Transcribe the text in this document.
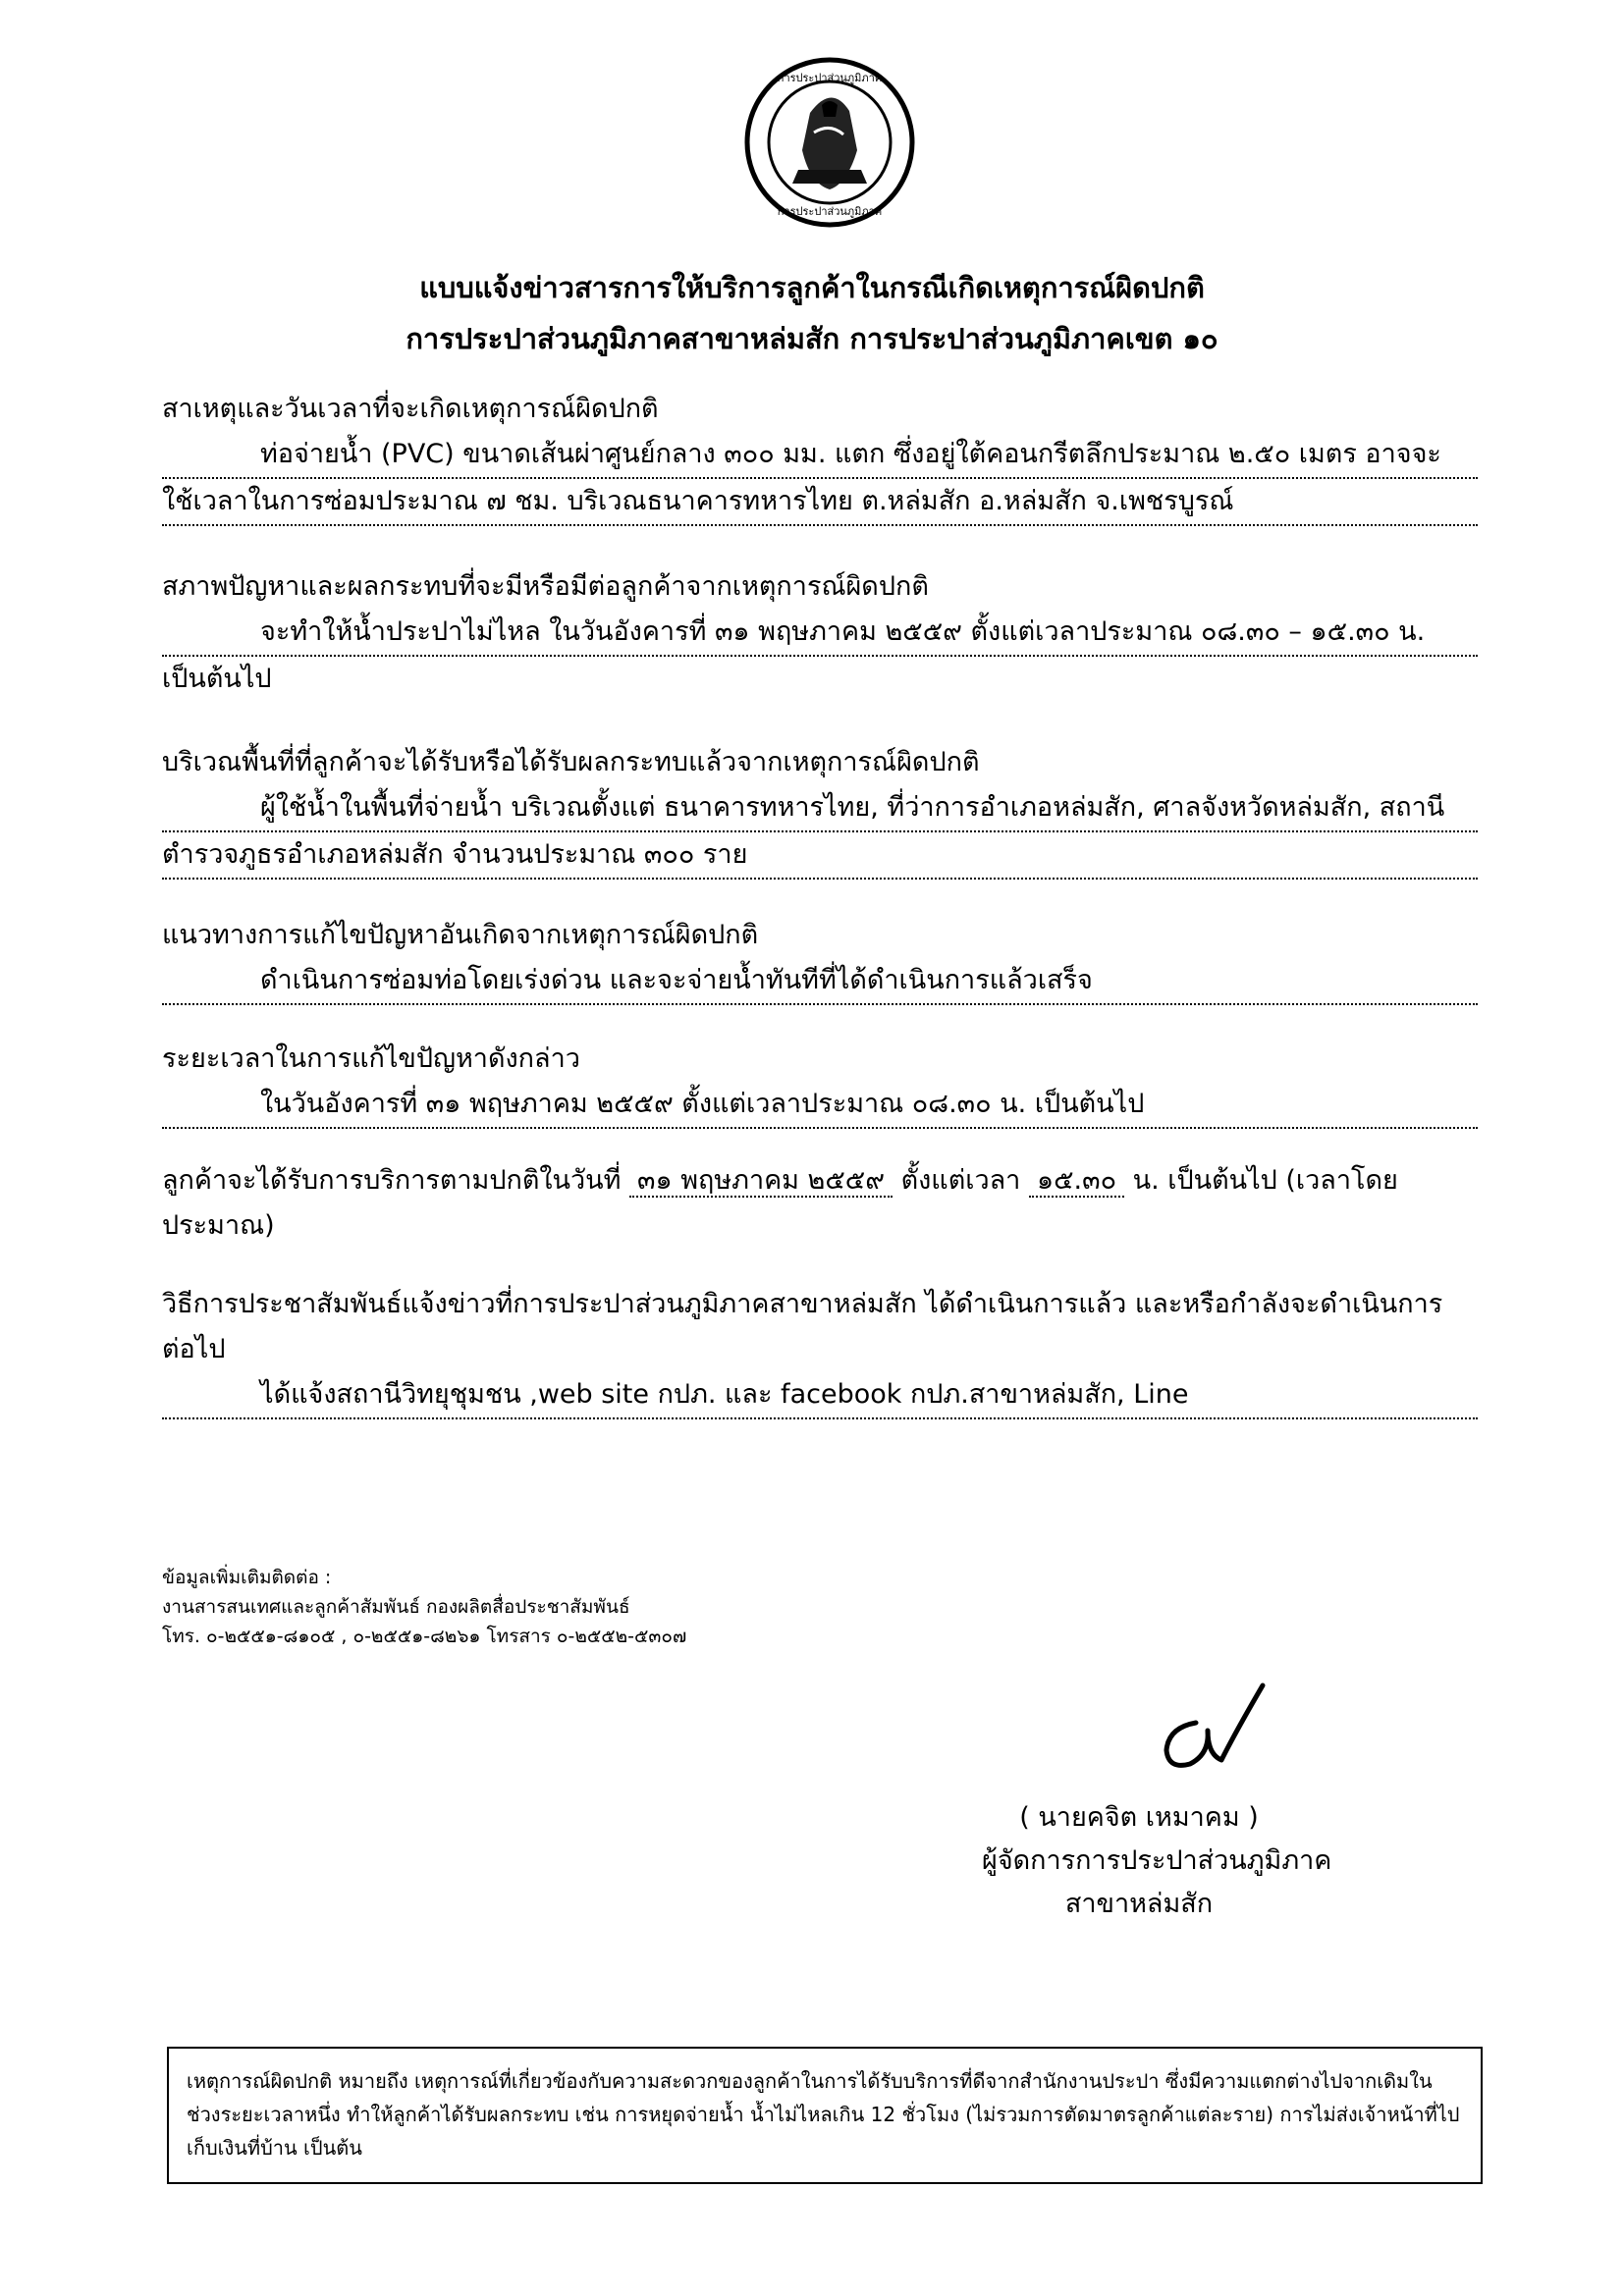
การประปาส่วนภูมิภาค
การประปาส่วนภูมิภาค
แบบแจ้งข่าวสารการให้บริการลูกค้าในกรณีเกิดเหตุการณ์ผิดปกติ
การประปาส่วนภูมิภาคสาขาหล่มสัก การประปาส่วนภูมิภาคเขต ๑๐
สาเหตุและวันเวลาที่จะเกิดเหตุการณ์ผิดปกติ
ท่อจ่ายน้ำ (PVC) ขนาดเส้นผ่าศูนย์กลาง ๓๐๐ มม. แตก ซึ่งอยู่ใต้คอนกรีตลึกประมาณ ๒.๕๐ เมตร อาจจะ
ใช้เวลาในการซ่อมประมาณ ๗ ชม. บริเวณธนาคารทหารไทย ต.หล่มสัก อ.หล่มสัก จ.เพชรบูรณ์
สภาพปัญหาและผลกระทบที่จะมีหรือมีต่อลูกค้าจากเหตุการณ์ผิดปกติ
จะทำให้น้ำประปาไม่ไหล ในวันอังคารที่ ๓๑ พฤษภาคม ๒๕๕๙ ตั้งแต่เวลาประมาณ ๐๘.๓๐ – ๑๕.๓๐ น.
เป็นต้นไป
บริเวณพื้นที่ที่ลูกค้าจะได้รับหรือได้รับผลกระทบแล้วจากเหตุการณ์ผิดปกติ
ผู้ใช้น้ำในพื้นที่จ่ายน้ำ บริเวณตั้งแต่ ธนาคารทหารไทย, ที่ว่าการอำเภอหล่มสัก, ศาลจังหวัดหล่มสัก, สถานี
ตำรวจภูธรอำเภอหล่มสัก จำนวนประมาณ ๓๐๐ ราย
แนวทางการแก้ไขปัญหาอันเกิดจากเหตุการณ์ผิดปกติ
ดำเนินการซ่อมท่อโดยเร่งด่วน และจะจ่ายน้ำทันทีที่ได้ดำเนินการแล้วเสร็จ
ระยะเวลาในการแก้ไขปัญหาดังกล่าว
ในวันอังคารที่ ๓๑ พฤษภาคม ๒๕๕๙ ตั้งแต่เวลาประมาณ ๐๘.๓๐ น. เป็นต้นไป
ลูกค้าจะได้รับการบริการตามปกติในวันที่ ๓๑ พฤษภาคม ๒๕๕๙ ตั้งแต่เวลา ๑๕.๓๐ น. เป็นต้นไป (เวลาโดย
ประมาณ)
วิธีการประชาสัมพันธ์แจ้งข่าวที่การประปาส่วนภูมิภาคสาขาหล่มสัก ได้ดำเนินการแล้ว และหรือกำลังจะดำเนินการ
ต่อไป
ได้แจ้งสถานีวิทยุชุมชน ,web site กปภ. และ facebook กปภ.สาขาหล่มสัก, Line
ข้อมูลเพิ่มเติมติดต่อ :
งานสารสนเทศและลูกค้าสัมพันธ์ กองผลิตสื่อประชาสัมพันธ์
โทร. ๐-๒๕๕๑-๘๑๐๕ , ๐-๒๕๕๑-๘๒๖๑ โทรสาร ๐-๒๕๕๒-๕๓๐๗
( นายคจิต เหมาคม )
ผู้จัดการการประปาส่วนภูมิภาค
สาขาหล่มสัก
เหตุการณ์ผิดปกติ หมายถึง เหตุการณ์ที่เกี่ยวข้องกับความสะดวกของลูกค้าในการได้รับบริการที่ดีจากสำนักงานประปา ซึ่งมีความแตกต่างไปจากเดิมในช่วงระยะเวลาหนึ่ง ทำให้ลูกค้าได้รับผลกระทบ เช่น การหยุดจ่ายน้ำ น้ำไม่ไหลเกิน 12 ชั่วโมง (ไม่รวมการตัดมาตรลูกค้าแต่ละราย) การไม่ส่งเจ้าหน้าที่ไปเก็บเงินที่บ้าน เป็นต้น
